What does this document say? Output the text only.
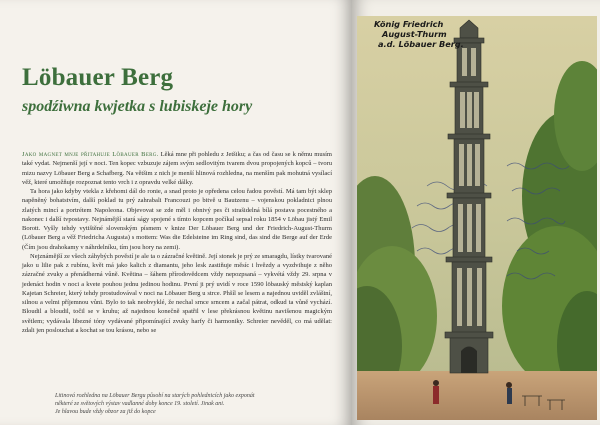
Löbauer Berg
spodźiwna kwjetka s lubiskeje hory

Jako magnet mnje přitahuje Löbauer Berg. Lěká mne při pohledu z Jetšiku; a čas od času se k němu musím také vydat. Nejmenší její v noci. Ten kopec vzbuzuje zájem svým sedlovitým tvarem dvou propojených kopců – tvoru mizu nazvy Löbauer Berg a Schafberg. Na většim z nich je menší hlinová rozhledna, na menším pak mohutná vysílací věž, které umožňuje rozpoznat tento vrch i z opravdu velké dálky.

Ta hora jako kdyby vtekla z křehomi dál do ronie, a snad proto je opředena celou řadou pověstí. Má tam být sklep napěněný bohatstvím, další poklad tu prý zahrabali Francouzi po bitvě u Bautzenu – vojenskou pokladnici plnou zlatých mincí a portrétem Napoleona. Objevovat se zde měl i obnivý pes či strašidelná bílá postava pocestného a nakonec i další tvpostavy. Nejnámější stará ságy spojené s tímto kopcem počíkal sepsal roku 1854 v Löbau jistý Emil Borott. Vyšly tehdy vytištěné slovenským písmem v knize Der Löbauer Berg und der Friedrich-August-Thurm (Löbauer Berg a věž Friedricha Augusta) s mottem: Was die Edelsteine im Ring sind, das sind die Berge auf der Erde (Čím jsou drahokamy v náhrdelníku, tím jsou hory na zemi).

Nejznámější ze všech záhybých pověstí je ale ta o zázračné květině. Její stonek je prý ze smaragdu, lístky tvarované jako u lilie pak z rubínu, květ má jako kalich z diamantu, jeho lesk zastiňuje měsíc i hvězdy a vyzdvihuje z něho zázračné zvuky a přenádherná vůně. Květina – šáhem přírodovědcem vždy nepozpsaná – vykvétá vždy 29. srpna v jedenáct hodin v noci a kvete pouhou jednu jedinou hodinu. První ji prý uvidí v roce 1590 löbauský městský kaplan Kajetan Schreier, který tehdy prostudovával v noci na Löbauer Berg u strce. Phšíl se lesem a najednou uviděl zvláštní, silnou a velmi příjemnou vůni. Bylo to tak neobvyklé, že nechal srnce srncem a začal pátrat, odkud ta vůně vychází. Bloudil a bloudil, točil se v kruhu; až najednou konečně spatřil v lese překrásnou květinu navišenou magickým světlem; vydávala libezné tóny vydávané připomínající zvuky harfy či harmoniky. Schreier nevěděl, co má udělat: zdali jen poslouchat a kochat se tou krásou, nebo se

Litinová rozhledna na Löbauer Bergu působí na starých pohlednicích jako exponát
některé ze světových výstav vadlanné doby konce 19. století. Jinak ani.
Je hlavou bude vždy obzor za již do kopce
König Friedrich
August-Thurm
a.d. Löbauer Berg.
